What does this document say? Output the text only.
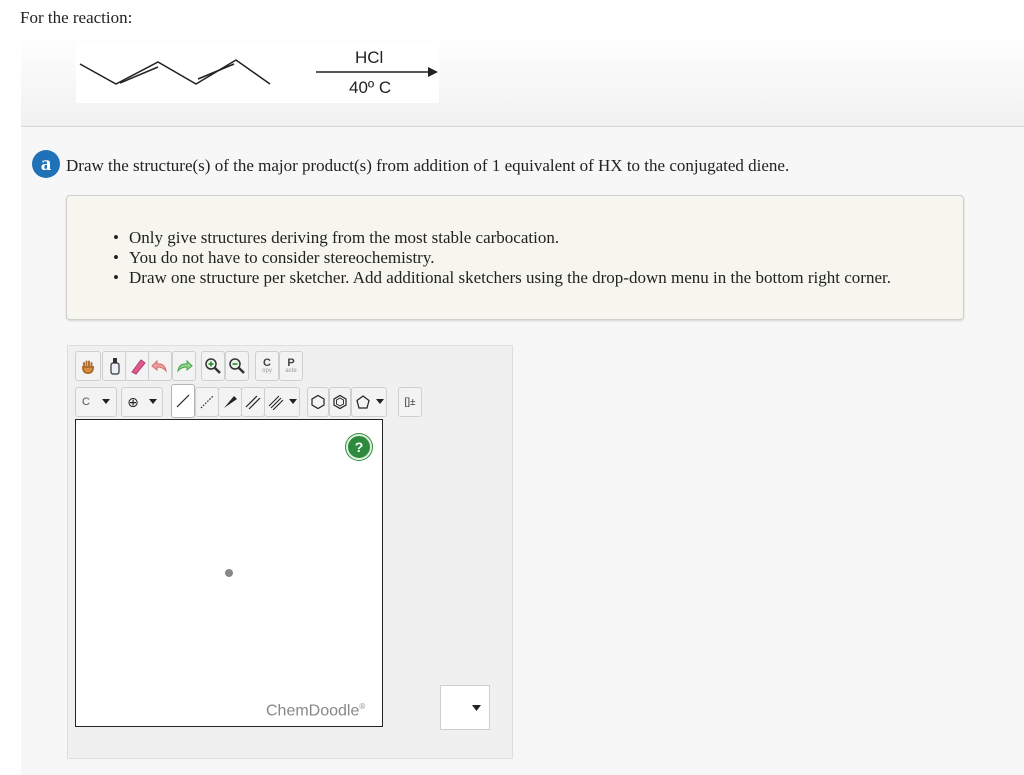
For the reaction:
HCl
40º C
a Draw the structure(s) of the major product(s) from addition of 1 equivalent of HX to the conjugated diene.
• Only give structures deriving from the most stable carbocation.
• You do not have to consider stereochemistry.
• Draw one structure per sketcher. Add additional sketchers using the drop-down menu in the bottom right corner.
C
opy
P
aste
C	⊕	[]±
?
ChemDoodle®
